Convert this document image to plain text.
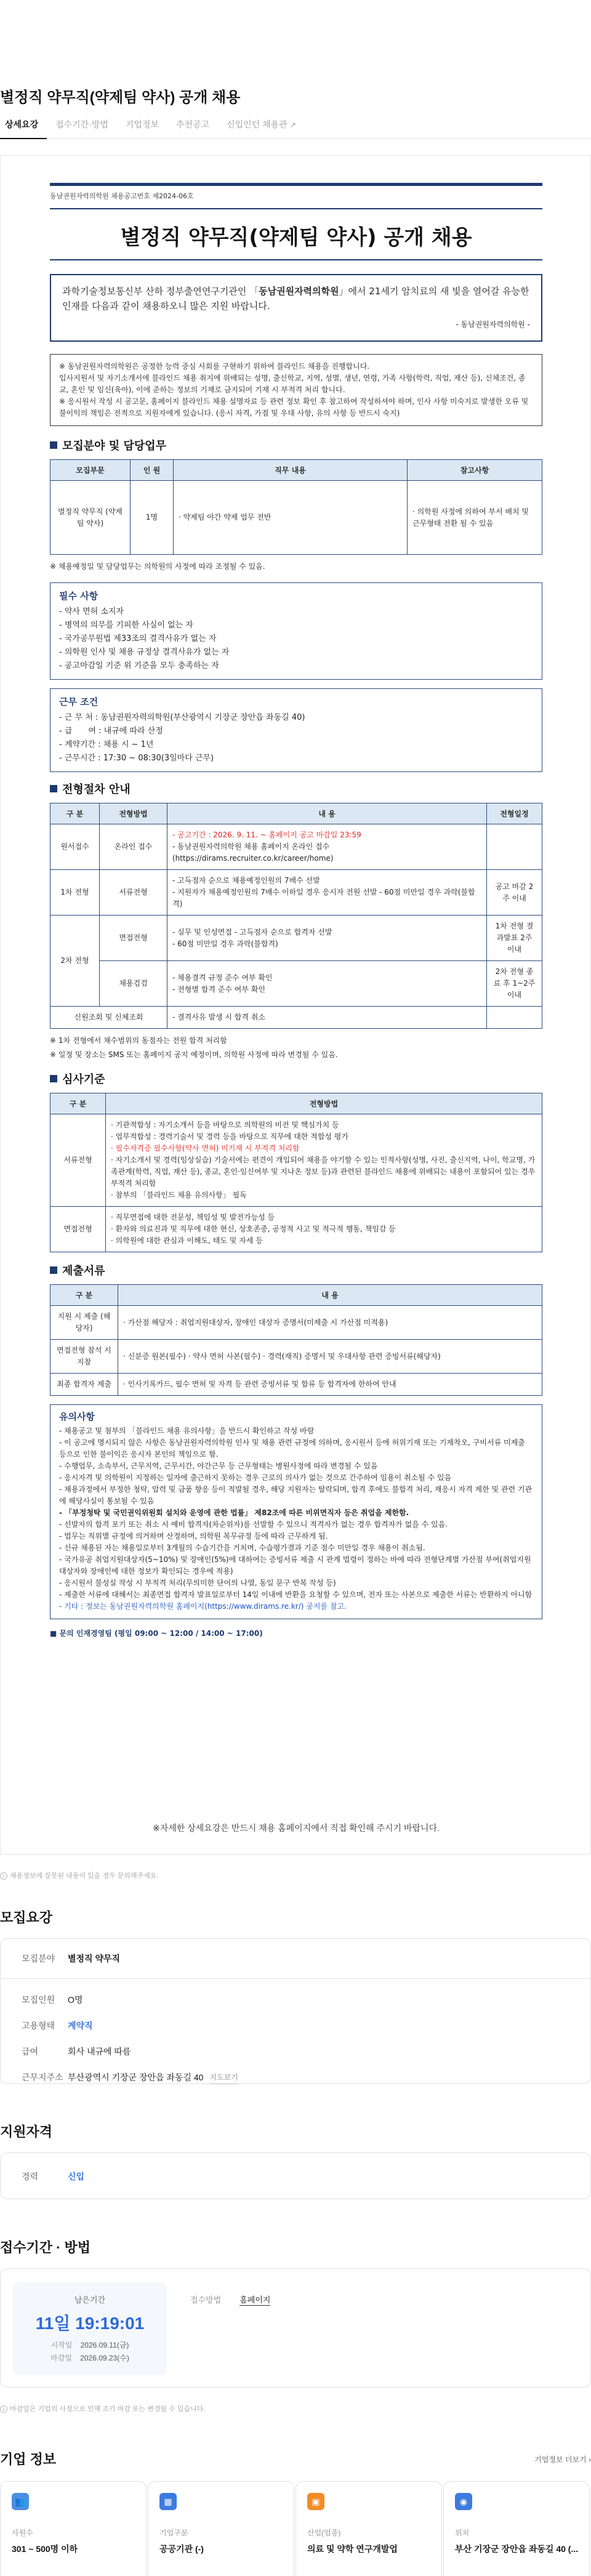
별정직 약무직(약제팀 약사) 공개 채용
상세요강	접수기간·방법	기업정보	추천공고	신입인턴 채용관 ↗
동남권원자력의학원 채용공고번호 제2024-06호
별정직 약무직(약제팀 약사) 공개 채용
과학기술정보통신부 산하 정부출연연구기관인 「동남권원자력의학원」에서 21세기 암치료의 새 빛을 열어갈 유능한 인재를 다음과 같이 채용하오니 많은 지원 바랍니다.
- 동남권원자력의학원 -
※ 동남권원자력의학원은 공정한 능력 중심 사회를 구현하기 위하여 블라인드 채용을 진행합니다.
입사지원서 및 자기소개서에 블라인드 채용 취지에 위배되는 성명, 출신학교, 지역, 성별, 생년, 연령, 가족 사항(학력, 직업, 재산 등), 신체조건, 종교, 혼인 및 임신(육아), 이에 준하는 정보의 기재로 금지되어 기재 시 부적격 처리 합니다.
※ 응시원서 작성 시 공고문, 홈페이지 블라인드 채용 설명자료 등 관련 정보 확인 후 참고하여 작성하셔야 하며, 인사 사항 미숙지로 발생한 오류 및 불이익의 책임은 전적으로 지원자에게 있습니다. (응시 자격, 가점 및 우대 사항, 유의 사항 등 반드시 숙지)
모집분야 및 담당업무
모집부문	인 원	직무 내용	참고사항
별정직 약무직 (약제팀 약사)	1명	· 약제팀 야간 약제 업무 전반	· 의학원 사정에 의하여 부서 배치 및 근무형태 전환 될 수 있음
※ 채용예정일 및 담당업무는 의학원의 사정에 따라 조정될 수 있음.
필수 사항
- 약사 면허 소지자
- 병역의 의무를 기피한 사실이 없는 자
- 국가공무원법 제33조의 결격사유가 없는 자
- 의학원 인사 및 채용 규정상 결격사유가 없는 자
- 공고마감일 기준 위 기준을 모두 충족하는 자
근무 조건
- 근 무 처 : 동남권원자력의학원(부산광역시 기장군 장안읍 좌동길 40)
- 급　　여 : 내규에 따라 산정
- 계약기간 : 채용 시 ~ 1년
- 근무시간 : 17:30 ~ 08:30(3일마다 근무)
전형절차 안내
구 분	전형방법	내 용	전형일정
원서접수	온라인 접수	- 공고기간 : 2026. 9. 11. ~ 홈페이지 공고 마감일 23:59
- 동남권원자력의학원 채용 홈페이지 온라인 접수 (https://dirams.recruiter.co.kr/career/home)	

1차 전형	서류전형	- 고득점자 순으로 채용예정인원의 7배수 선발
- 지원자가 채용예정인원의 7배수 이하일 경우 응시자 전원 선발 - 60점 미만일 경우 과락(불합격)	공고 마감 2주 이내
2차 전형	면접전형	- 실무 및 인성면접 - 고득점자 순으로 합격자 선발
- 60점 미만일 경우 과락(불합격)	1차 전형 결과발표 2주 이내
	채용검검	- 채용결격 규정 준수 여부 확인
- 전형별 합격 준수 여부 확인	2차 전형 종료 후 1~2주 이내
신원조회 및 신체조회		- 결격사유 발생 시 합격 취소	
※ 1차 전형에서 채수범위의 동점자는 전원 합격 처리함
※ 일정 및 장소는 SMS 또는 홈페이지 공지 예정이며, 의학원 사정에 따라 변경될 수 있음.
심사기준
구 분	전형방법
서류전형	· 기관적합성 : 자기소개서 등을 바탕으로 의학원의 비전 및 핵심가치 등
· 업무적합성 : 경력기술서 및 경력 등을 바탕으로 직무에 대한 적합성 평가
· 필수자격증 필수사항(약사 면허) 미기재 시 부적격 처리함
· 자기소개서 및 경력(임상실습) 기술서에는 편견이 개입되어 채용을 야기할 수 있는 인적사항(성명, 사진, 출신지역, 나이, 학교명, 가족관계(학력, 직업, 재산 등), 종교, 혼인·임신여부 및 지나온 정보 등)과 관련된 블라인드 채용에 위배되는 내용이 포함되어 있는 경우 부적격 처리함
· 참부의 「블라인드 채용 유의사항」 필독

면접전형	· 직무면접에 대한 전문성, 책임성 및 발전가능성 등
· 환자와 의료진과 및 직무에 대한 현신, 상호존중, 공정적 사고 및 적극적 행동, 책임감 등
· 의학원에 대한 관심과 이해도, 태도 및 자세 등
제출서류
구 분	내 용
지원 시 제출 (해당자)	· 가산점 해당자 : 취업지원대상자, 장애인 대상자 증명서(미제출 시 가산점 미적용)
면접전형 참석 시 지참	· 신분증 원본(필수) · 약사 면허 사본(필수) · 경력(재직) 증명서 및 우대사항 관련 증빙서류(해당자)
최종 합격자 제출	· 인사기록카드, 필수 면허 및 자격 등 관련 증빙서류 및 합류 등 합격자에 한하여 안내
유의사항
- 채용공고 및 첨부의 「블라인드 채용 유의사항」을 반드시 확인하고 작성 바람
- 이 공고에 명시되지 않은 사항은 동남권원자력의학원 인사 및 채용 관련 규정에 의하며, 응시원서 등에 허위기재 또는 기재착오, 구비서류 미제출 등으로 인한 불이익은 응시자 본인의 책임으로 함.
- 수행업무, 소속부서, 근무지역, 근무시간, 야간근무 등 근무형태는 병원사정에 따라 변경될 수 있음
- 응시자격 및 의학원이 지정하는 일자에 출근하지 못하는 경우 근로의 의사가 없는 것으로 간주하여 임용이 취소될 수 있음
- 채용과정에서 부정한 청탁, 압력 및 금품 향응 등이 적발될 경우, 해당 지원자는 탈락되며, 합격 후에도 불합격 처리, 재응시 자격 제한 및 관련 기관에 해당사실이 통보될 수 있음
- 「부정청탁 및 국민권익위원회 설치와 운영에 관한 법률」 제82조에 따른 비위면직자 등은 취업을 제한함.
- 선발자의 합격 포기 또는 취소 시 예비 합격자(차순위자)를 선발할 수 있으니 적격자가 없는 경우 합격자가 없을 수 있음.
- 법무는 직위별 규정에 의거하며 산정하며, 의학원 복무규정 등에 따라 근무하게 됨.
- 신규 채용된 자는 채용일로부터 3개월의 수습기간을 거치며, 수습평가결과 기준 점수 미만일 경우 채용이 취소됨.
- 국가유공 취업지원대상자(5~10%) 및 장애인(5%)에 대하여는 증빙서류 제출 시 관계 법령이 정하는 바에 따라 전형단계별 가산점 부여(취업지원 대상자와 장애인에 대한 정보가 확인되는 경우에 적용)
- 응시원서 불성실 작성 시 부적격 처리(무의미한 단어의 나열, 동일 문구 반복 작성 등)
- 제출한 서류에 대해서는 최종면접 합격자 발표일로부터 14일 이내에 반환을 요청할 수 있으며, 전자 또는 사본으로 제출한 서류는 반환하지 아니함
- 기타 : 정보는 동남권원자력의학원 홈페이지(https://www.dirams.re.kr/) 공지를 참고.
■ 문의 인재경영팀 (평일 09:00 ~ 12:00 / 14:00 ~ 17:00)
※자세한 상세요강은 반드시 채용 홈페이지에서 직접 확인해 주시기 바랍니다.
i 채용정보에 잘못된 내용이 있을 경우 문의해주세요.
모집요강
모집분야	별정직 약무직
모집인원	O명
고용형태	계약직
급여	회사 내규에 따름
근무지주소 부산광역시 기장군 장안읍 좌동길 40 지도보기
지원자격
경력	신입
접수기간 · 방법
남은기간
11일 19:19:01
시작일	2026.09.11(금)
마감일	2026.09.23(수)
접수방법 홈페이지
i 마감일은 기업의 사정으로 인해 조기 마감 또는 변경될 수 있습니다.
기업 정보	기업정보 더보기 ›
👥
사원수
301 ~ 500명 이하
▦
기업구분
공공기관 (-)
▣
산업(업종)
의료 및 약학 연구개발업
◉
위치
부산 기장군 장안읍 좌동길 40 (...
